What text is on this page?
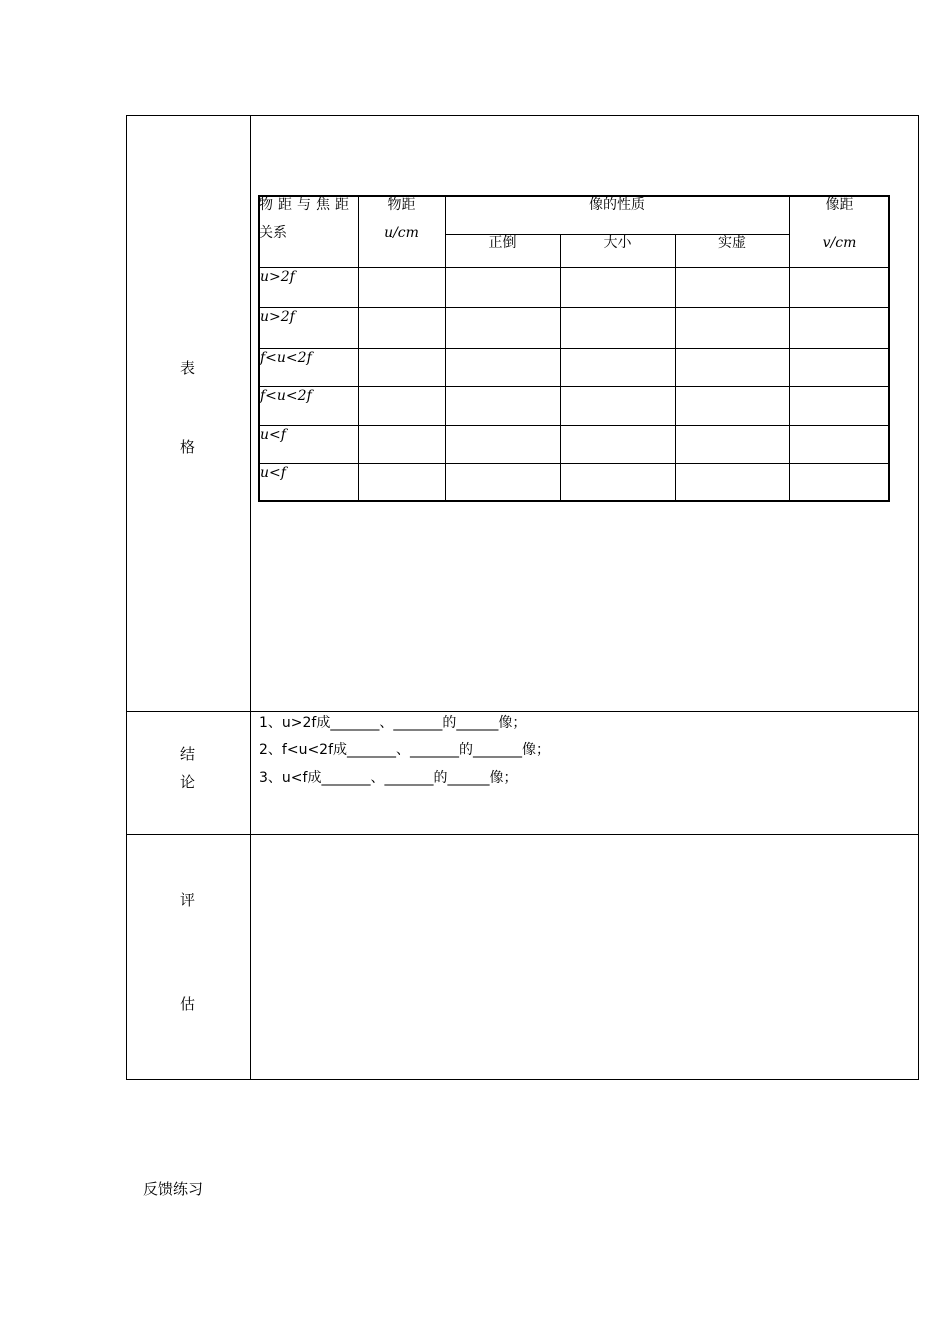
表
格
结
论
评
估
物距与焦距
关系
物距
u/cm
像的性质
正倒	大小	实虚
像距
v/cm
u>2f
u>2f
f<u<2f
f<u<2f
u<f
u<f
1、u>2f成_______、_______的______像；
2、f<u<2f成_______、_______的_______像；
3、u<f成_______、_______的______像；
反馈练习
